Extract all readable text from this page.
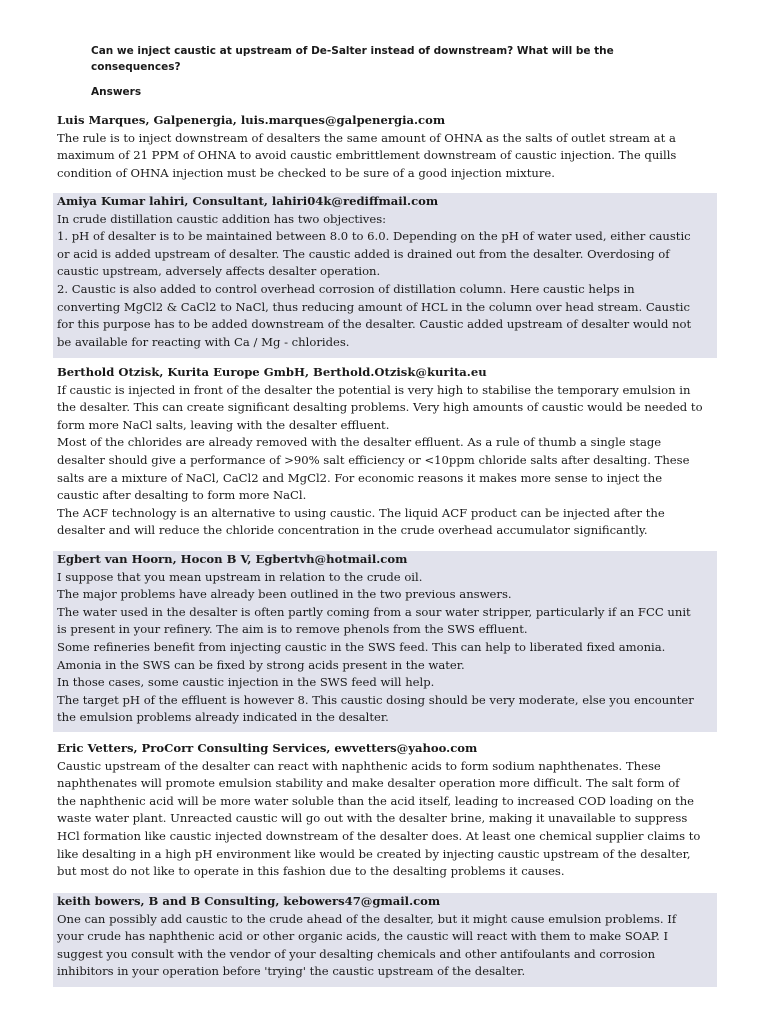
Can we inject caustic at upstream of De-Salter instead of downstream? What will be the
consequences?
Answers
Luis Marques, Galpenergia, luis.marques@galpenergia.com
The rule is to inject downstream of desalters the same amount of OHNA as the salts of outlet stream at a
maximum of 21 PPM of OHNA to avoid caustic embrittlement downstream of caustic injection. The quills
condition of OHNA injection must be checked to be sure of a good injection mixture.
Amiya Kumar lahiri, Consultant, lahiri04k@rediffmail.com
In crude distillation caustic addition has two objectives:
1. pH of desalter is to be maintained between 8.0 to 6.0. Depending on the pH of water used, either caustic
or acid is added upstream of desalter. The caustic added is drained out from the desalter. Overdosing of
caustic upstream, adversely affects desalter operation.
2. Caustic is also added to control overhead corrosion of distillation column. Here caustic helps in
converting MgCl2 & CaCl2 to NaCl, thus reducing amount of HCL in the column over head stream. Caustic
for this purpose has to be added downstream of the desalter. Caustic added upstream of desalter would not
be available for reacting with Ca / Mg - chlorides.
Berthold Otzisk, Kurita Europe GmbH, Berthold.Otzisk@kurita.eu
If caustic is injected in front of the desalter the potential is very high to stabilise the temporary emulsion in
the desalter. This can create significant desalting problems. Very high amounts of caustic would be needed to
form more NaCl salts, leaving with the desalter effluent.
Most of the chlorides are already removed with the desalter effluent. As a rule of thumb a single stage
desalter should give a performance of >90% salt efficiency or <10ppm chloride salts after desalting. These
salts are a mixture of NaCl, CaCl2 and MgCl2. For economic reasons it makes more sense to inject the
caustic after desalting to form more NaCl.
The ACF technology is an alternative to using caustic. The liquid ACF product can be injected after the
desalter and will reduce the chloride concentration in the crude overhead accumulator significantly.
Egbert van Hoorn, Hocon B V, Egbertvh@hotmail.com
I suppose that you mean upstream in relation to the crude oil.
The major problems have already been outlined in the two previous answers.
The water used in the desalter is often partly coming from a sour water stripper, particularly if an FCC unit
is present in your refinery. The aim is to remove phenols from the SWS effluent.
Some refineries benefit from injecting caustic in the SWS feed. This can help to liberated fixed amonia.
Amonia in the SWS can be fixed by strong acids present in the water.
In those cases, some caustic injection in the SWS feed will help.
The target pH of the effluent is however 8. This caustic dosing should be very moderate, else you encounter
the emulsion problems already indicated in the desalter.
Eric Vetters, ProCorr Consulting Services, ewvetters@yahoo.com
Caustic upstream of the desalter can react with naphthenic acids to form sodium naphthenates. These
naphthenates will promote emulsion stability and make desalter operation more difficult. The salt form of
the naphthenic acid will be more water soluble than the acid itself, leading to increased COD loading on the
waste water plant. Unreacted caustic will go out with the desalter brine, making it unavailable to suppress
HCl formation like caustic injected downstream of the desalter does. At least one chemical supplier claims to
like desalting in a high pH environment like would be created by injecting caustic upstream of the desalter,
but most do not like to operate in this fashion due to the desalting problems it causes.
keith bowers, B and B Consulting, kebowers47@gmail.com
One can possibly add caustic to the crude ahead of the desalter, but it might cause emulsion problems. If
your crude has naphthenic acid or other organic acids, the caustic will react with them to make SOAP. I
suggest you consult with the vendor of your desalting chemicals and other antifoulants and corrosion
inhibitors in your operation before 'trying' the caustic upstream of the desalter.
